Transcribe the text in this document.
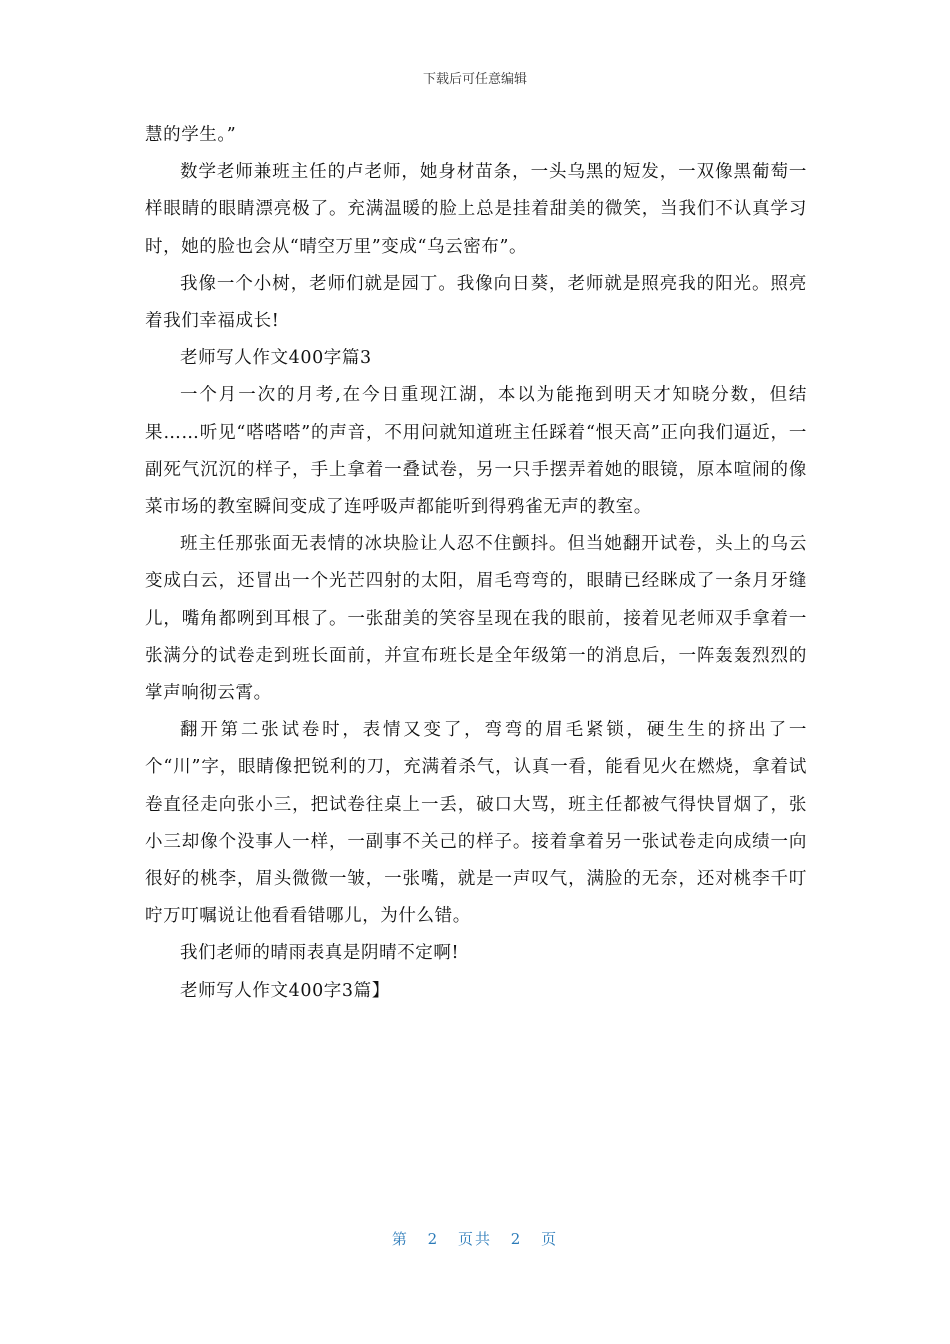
下载后可任意编辑

慧的学生。”

数学老师兼班主任的卢老师，她身材苗条，一头乌黑的短发，一双像黑葡萄一样眼睛的眼睛漂亮极了。充满温暖的脸上总是挂着甜美的微笑，当我们不认真学习时，她的脸也会从“晴空万里”变成“乌云密布”。

我像一个小树，老师们就是园丁。我像向日葵，老师就是照亮我的阳光。照亮着我们幸福成长!

老师写人作文400字篇3

一个月一次的月考,在今日重现江湖，本以为能拖到明天才知晓分数，但结果……听见“嗒嗒嗒”的声音，不用问就知道班主任踩着“恨天高”正向我们逼近，一副死气沉沉的样子，手上拿着一叠试卷，另一只手摆弄着她的眼镜，原本喧闹的像菜市场的教室瞬间变成了连呼吸声都能听到得鸦雀无声的教室。

班主任那张面无表情的冰块脸让人忍不住颤抖。但当她翻开试卷，头上的乌云变成白云，还冒出一个光芒四射的太阳，眉毛弯弯的，眼睛已经眯成了一条月牙缝儿，嘴角都咧到耳根了。一张甜美的笑容呈现在我的眼前，接着见老师双手拿着一张满分的试卷走到班长面前，并宣布班长是全年级第一的消息后，一阵轰轰烈烈的掌声响彻云霄。

翻开第二张试卷时，表情又变了，弯弯的眉毛紧锁，硬生生的挤出了一个“川”字，眼睛像把锐利的刀，充满着杀气，认真一看，能看见火在燃烧，拿着试卷直径走向张小三，把试卷往桌上一丢，破口大骂，班主任都被气得快冒烟了，张小三却像个没事人一样，一副事不关己的样子。接着拿着另一张试卷走向成绩一向很好的桃李，眉头微微一皱，一张嘴，就是一声叹气，满脸的无奈，还对桃李千叮咛万叮嘱说让他看看错哪儿，为什么错。

我们老师的晴雨表真是阴晴不定啊!

老师写人作文400字3篇】

第 2 页共 2 页
